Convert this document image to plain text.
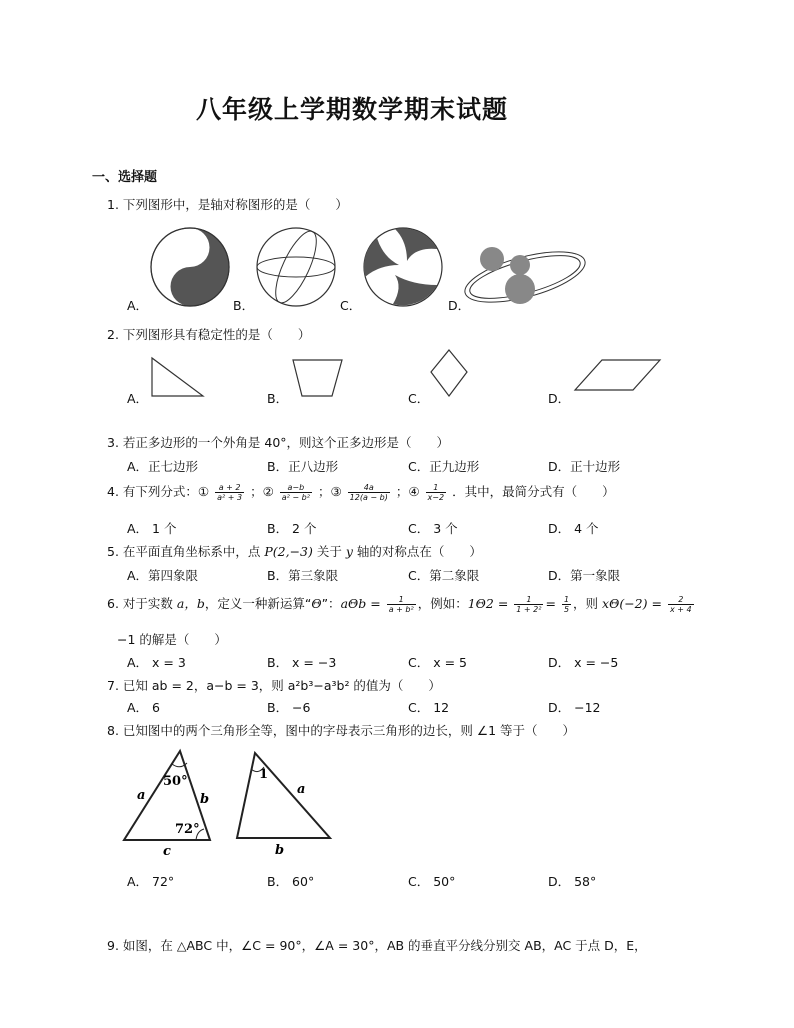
八年级上学期数学期末试题
一、选择题
1. 下列图形中，是轴对称图形的是（　　）
A．	B．	C．	D．
2. 下列图形具有稳定性的是（　　）
A．	B．	C．	D．
3. 若正多边形的一个外角是 40°，则这个正多边形是（　　）
A．正七边形	B．正八边形	C．正九边形	D．正十边形
4. 有下列分式：① $\frac{a + 2}{\text{a² + 3}}$ ；② $\frac{a-b}{\text{a² − b²}}$ ；③ $\frac{4a}{12(a - b)}$ ；④ $\frac{1}{x-2}$ ．其中，最简分式有（　　）
A． 1 个	B． 2 个	C． 3 个	D． 4 个
5. 在平面直角坐标系中，点 P(2,−3) 关于 y 轴的对称点在（　　）
A．第四象限	B．第三象限	C．第二象限	D．第一象限
6. 对于实数 a，b，定义一种新运算“Θ”：$a\Theta b = \frac{1}{\text{a + b²}}$ ，例如：$1\Theta 2 = \frac{1}{\text{1 + 2²}} = \frac{1}{5}$ ，则 $x\Theta(-2) = \frac{2}{x + 4}$
−1 的解是（　　）
A． x = 3	B． x = −3	C． x = 5	D． x = −5
7. 已知 ab = 2，a−b = 3，则 a²b³−a³b² 的值为（　　）
A． 6	B． −6	C． 12	D． −12
8. 已知图中的两个三角形全等，图中的字母表示三角形的边长，则 ∠1 等于（　　）
50°
72°
a	b
c
1
a
b
A． 72°	B． 60°	C． 50°	D． 58°
9. 如图，在 △ABC 中，∠C = 90°，∠A = 30°，AB 的垂直平分线分别交 AB，AC 于点 D，E，
